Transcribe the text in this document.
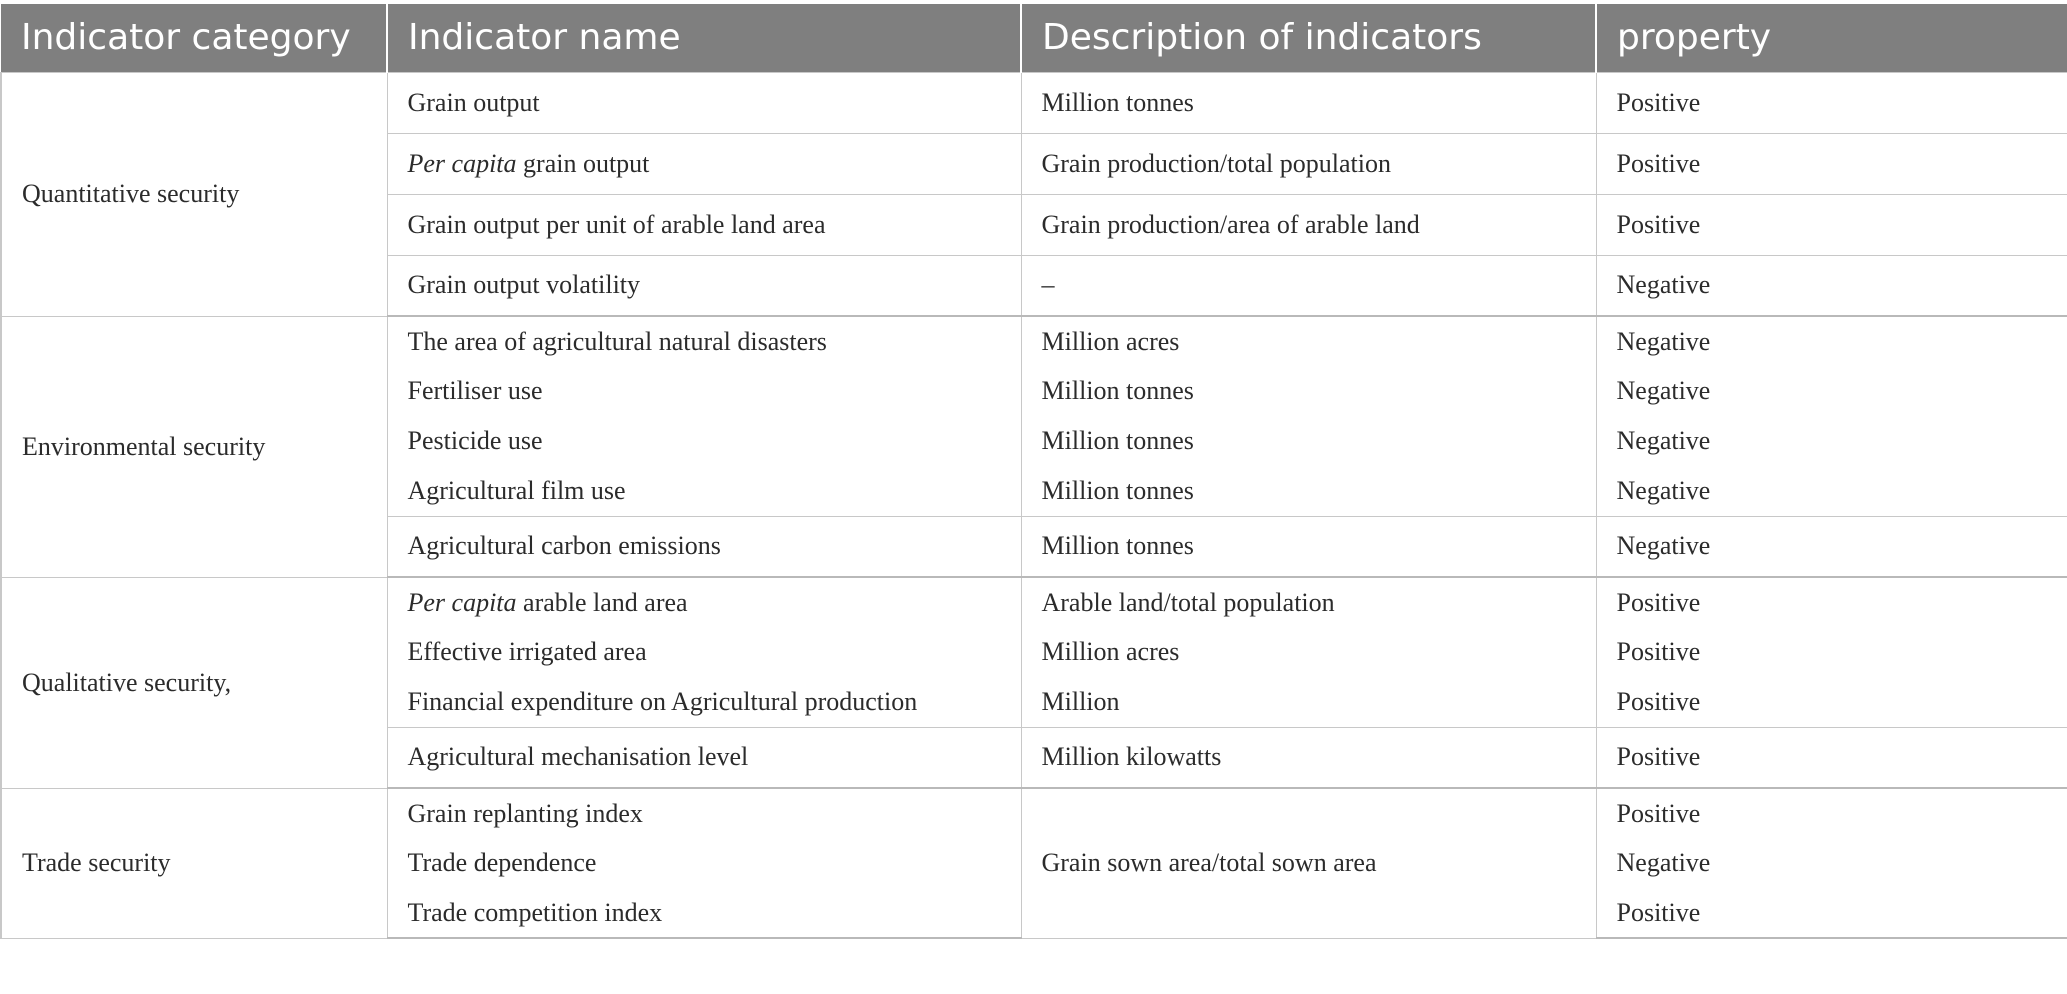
Indicator category	Indicator name	Description of indicators	property
Quantitative security	Grain output	Million tonnes	Positive
	Per capita grain output	Grain production/total population	Positive
	Grain output per unit of arable land area	Grain production/area of arable land	Positive
	Grain output volatility	–	Negative
Environmental security	The area of agricultural natural disasters	Million acres	Negative
	Fertiliser use	Million tonnes	Negative
	Pesticide use	Million tonnes	Negative
	Agricultural film use	Million tonnes	Negative
	Agricultural carbon emissions	Million tonnes	Negative
Qualitative security,	Per capita arable land area	Arable land/total population	Positive
	Effective irrigated area	Million acres	Positive
	Financial expenditure on Agricultural production	Million	Positive
	Agricultural mechanisation level	Million kilowatts	Positive
Trade security	Grain replanting index	Grain sown area/total sown area	Positive
	Trade dependence		Negative
	Trade competition index		Positive
